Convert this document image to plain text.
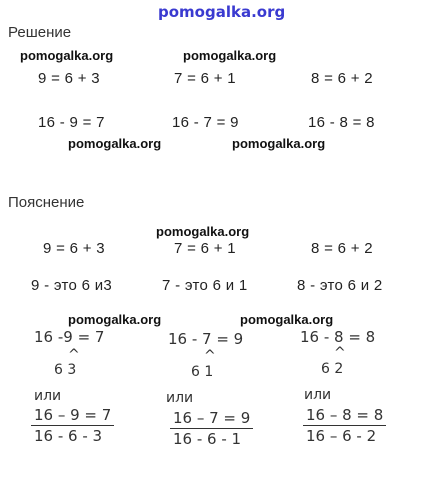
pomogalka.org
Решение
pomogalka.org	pomogalka.org
9 = 6 + 3	7 = 6 + 1	8 = 6 + 2
16 - 9 = 7	16 - 7 = 9	16 - 8 = 8
pomogalka.org	pomogalka.org
Пояснение
pomogalka.org
9 = 6 + 3	7 = 6 + 1	8 = 6 + 2
9 - это 6 и3	7 - это 6 и 1	8 - это 6 и 2
pomogalka.org	pomogalka.org
16 -9 = 7
^
6 3
или
16 – 9 = 7
16 - 6 - 3
16 - 7 = 9
^
6 1
или
16 – 7 = 9
16 - 6 - 1
16 - 8 = 8
^
6 2
или
16 – 8 = 8
16 – 6 - 2
